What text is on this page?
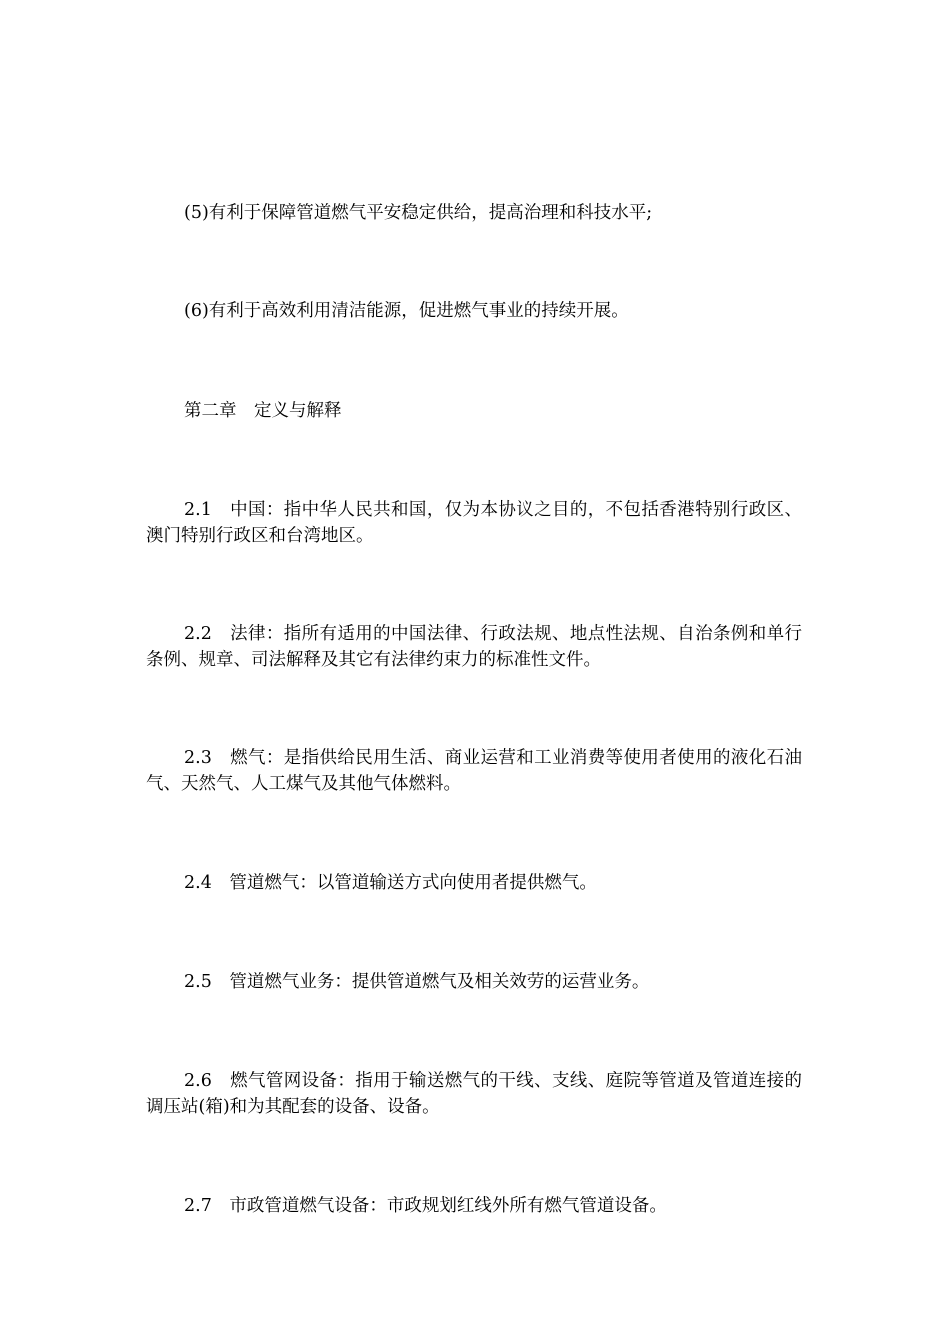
(5)有利于保障管道燃气平安稳定供给，提高治理和科技水平;

(6)有利于高效利用清洁能源，促进燃气事业的持续开展。

第二章　定义与解释

2.1　中国：指中华人民共和国，仅为本协议之目的，不包括香港特别行政区、澳门特别行政区和台湾地区。

2.2　法律：指所有适用的中国法律、行政法规、地点性法规、自治条例和单行条例、规章、司法解释及其它有法律约束力的标准性文件。

2.3　燃气：是指供给民用生活、商业运营和工业消费等使用者使用的液化石油气、天然气、人工煤气及其他气体燃料。

2.4　管道燃气：以管道输送方式向使用者提供燃气。

2.5　管道燃气业务：提供管道燃气及相关效劳的运营业务。

2.6　燃气管网设备：指用于输送燃气的干线、支线、庭院等管道及管道连接的调压站(箱)和为其配套的设备、设备。

2.7　市政管道燃气设备：市政规划红线外所有燃气管道设备。
